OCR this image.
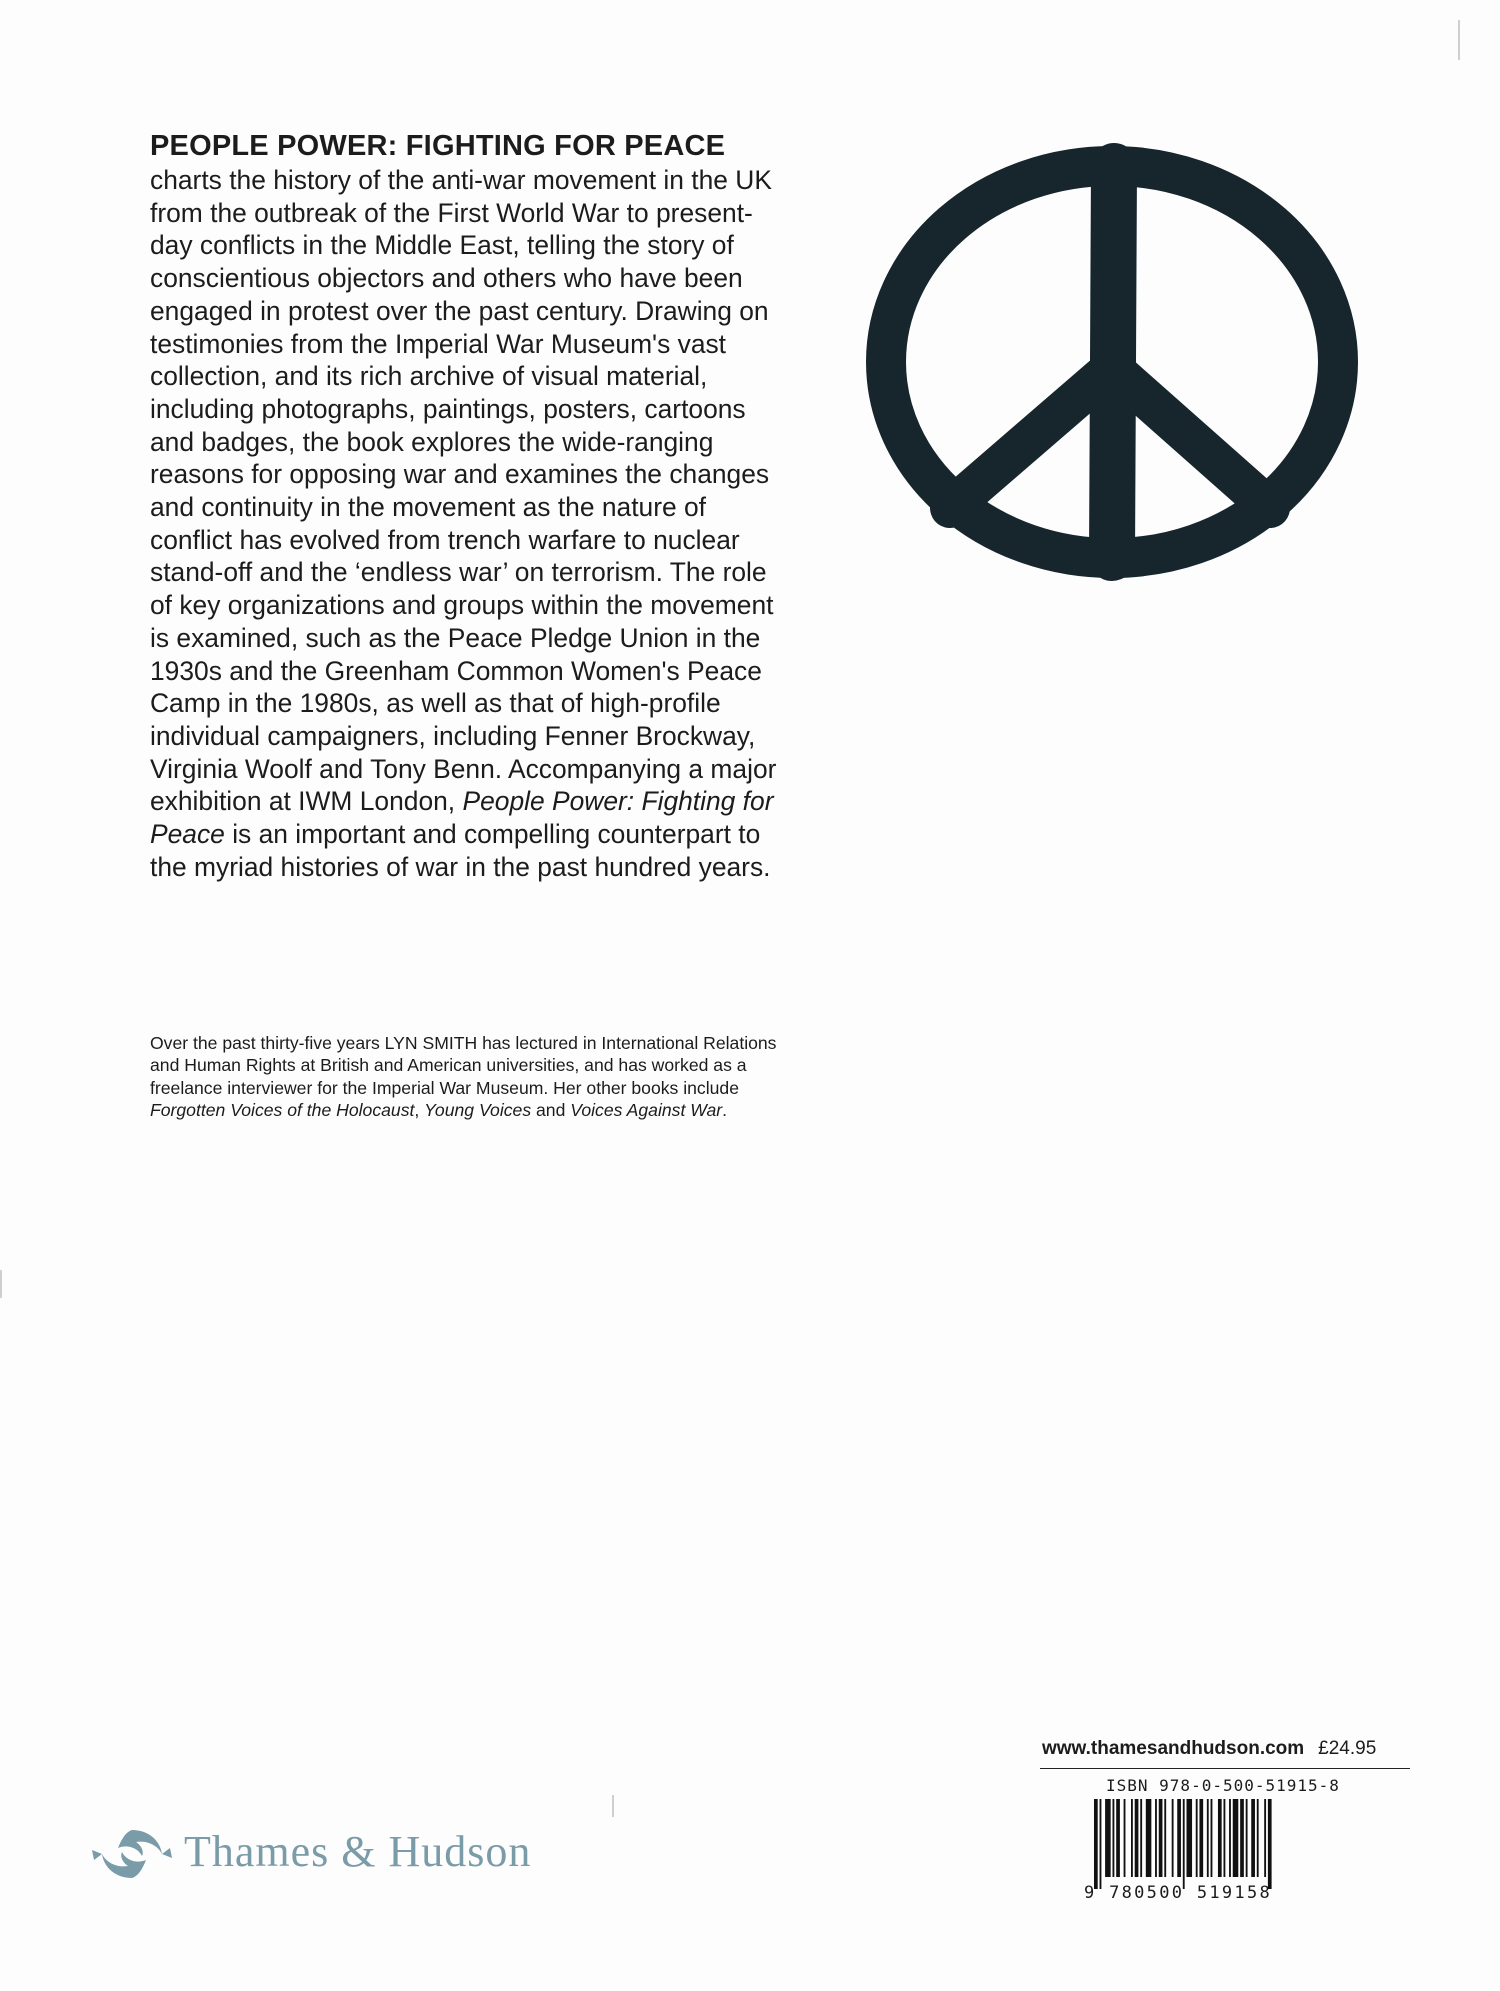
PEOPLE POWER: FIGHTING FOR PEACE

charts the history of the anti-war movement in the UK from the outbreak of the First World War to present-day conflicts in the Middle East, telling the story of conscientious objectors and others who have been engaged in protest over the past century. Drawing on testimonies from the Imperial War Museum's vast collection, and its rich archive of visual material, including photographs, paintings, posters, cartoons and badges, the book explores the wide-ranging reasons for opposing war and examines the changes and continuity in the movement as the nature of conflict has evolved from trench warfare to nuclear stand-off and the ‘endless war’ on terrorism. The role of key organizations and groups within the movement is examined, such as the Peace Pledge Union in the 1930s and the Greenham Common Women's Peace Camp in the 1980s, as well as that of high-profile individual campaigners, including Fenner Brockway, Virginia Woolf and Tony Benn. Accompanying a major exhibition at IWM London, People Power: Fighting for Peace is an important and compelling counterpart to the myriad histories of war in the past hundred years.

Over the past thirty-five years LYN SMITH has lectured in International Relations and Human Rights at British and American universities, and has worked as a freelance interviewer for the Imperial War Museum. Her other books include Forgotten Voices of the Holocaust, Young Voices and Voices Against War.

Thames & Hudson
www.thamesandhudson.com £24.95
ISBN 978-0-500-51915-8
9 780500 519158
